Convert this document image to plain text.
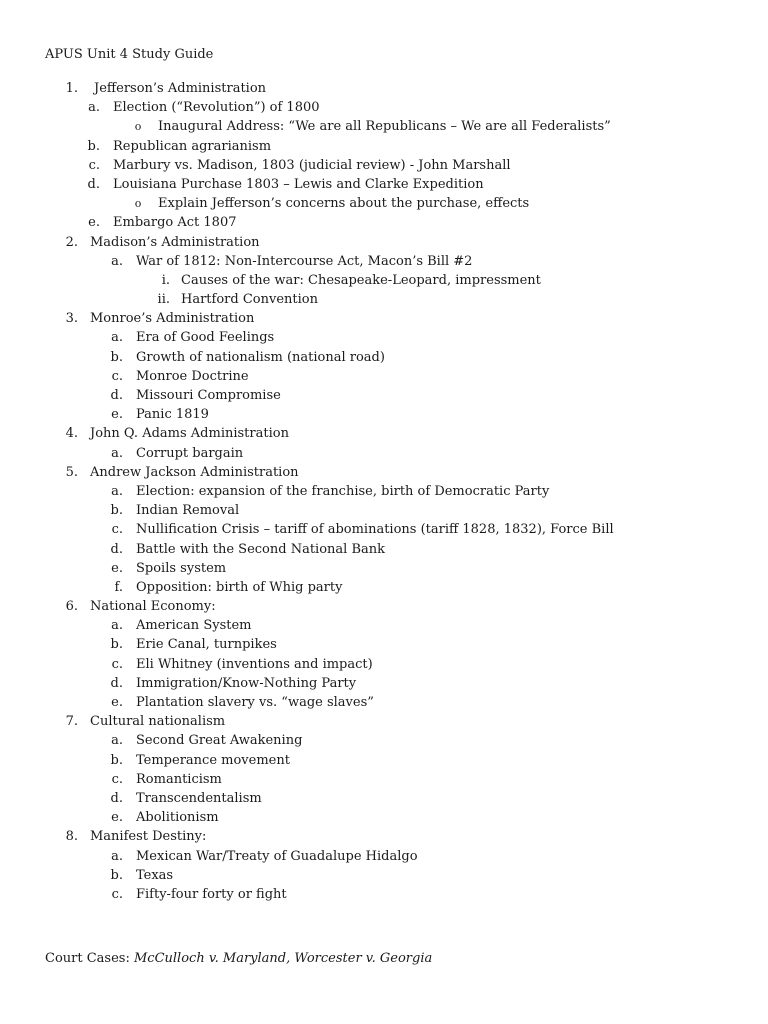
APUS Unit 4 Study Guide
1. Jefferson’s Administration
a. Election (“Revolution”) of 1800
o	Inaugural Address: “We are all Republicans – We are all Federalists”
b. Republican agrarianism
c. Marbury vs. Madison, 1803 (judicial review) - John Marshall
d. Louisiana Purchase 1803 – Lewis and Clarke Expedition
o	Explain Jefferson’s concerns about the purchase, effects
e. Embargo Act 1807
2. Madison’s Administration
a. War of 1812: Non-Intercourse Act, Macon’s Bill #2
i. Causes of the war: Chesapeake-Leopard, impressment
ii. Hartford Convention
3. Monroe’s Administration
a. Era of Good Feelings
b. Growth of nationalism (national road)
c. Monroe Doctrine
d. Missouri Compromise
e. Panic 1819
4. John Q. Adams Administration
a. Corrupt bargain
5. Andrew Jackson Administration
a. Election: expansion of the franchise, birth of Democratic Party
b. Indian Removal
c. Nullification Crisis – tariff of abominations (tariff 1828, 1832), Force Bill
d. Battle with the Second National Bank
e. Spoils system
f. Opposition: birth of Whig party
6. National Economy:
a. American System
b. Erie Canal, turnpikes
c. Eli Whitney (inventions and impact)
d. Immigration/Know-Nothing Party
e. Plantation slavery vs. “wage slaves”
7. Cultural nationalism
a. Second Great Awakening
b. Temperance movement
c. Romanticism
d. Transcendentalism
e. Abolitionism
8. Manifest Destiny:
a. Mexican War/Treaty of Guadalupe Hidalgo
b. Texas
c. Fifty-four forty or fight
Court Cases: McCulloch v. Maryland, Worcester v. Georgia
